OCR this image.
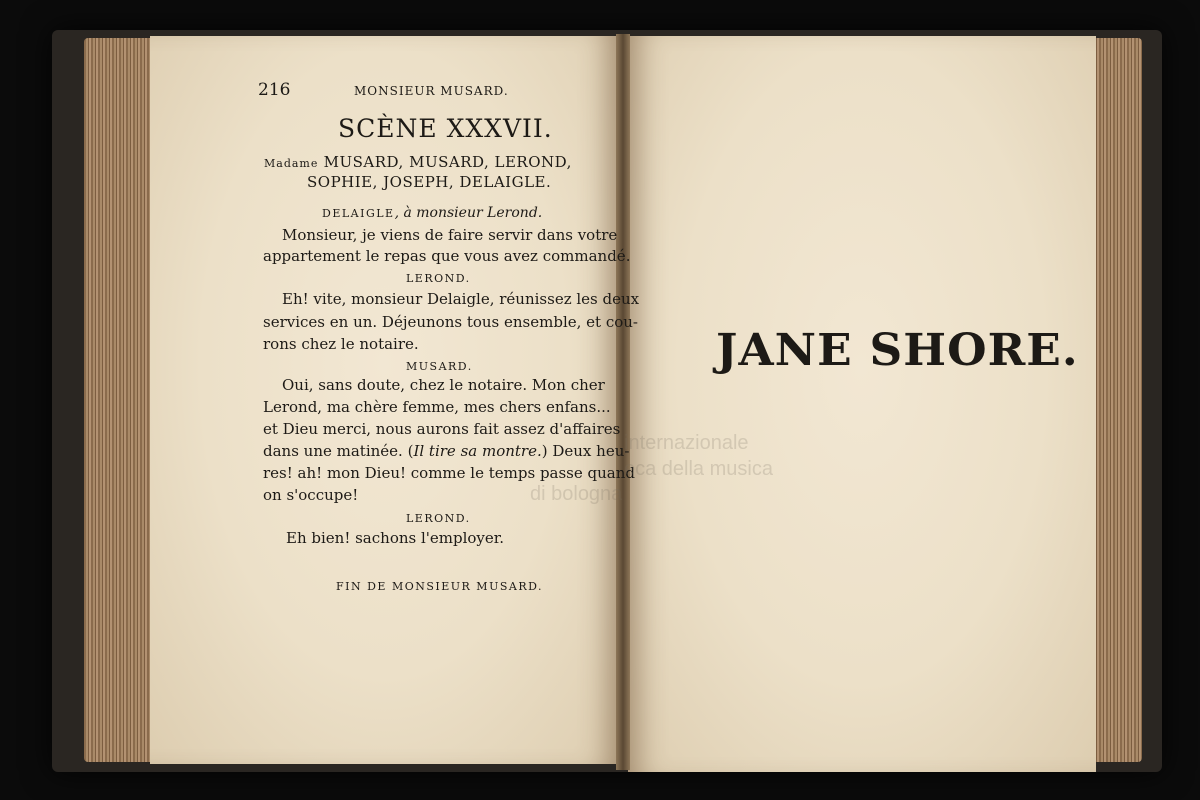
216	MONSIEUR MUSARD.
SCÈNE XXXVII.
Madame MUSARD, MUSARD, LEROND,
SOPHIE, JOSEPH, DELAIGLE.
DELAIGLE, à monsieur Lerond.
Monsieur, je viens de faire servir dans votre
appartement le repas que vous avez commandé.
LEROND.
Eh! vite, monsieur Delaigle, réunissez les deux
services en un. Déjeunons tous ensemble, et cou-
rons chez le notaire.
MUSARD.
Oui, sans doute, chez le notaire. Mon cher
Lerond, ma chère femme, mes chers enfans...
et Dieu merci, nous aurons fait assez d'affaires
dans une matinée. (Il tire sa montre.) Deux heu-
res! ah! mon Dieu! comme le temps passe quand
on s'occupe!
LEROND.
Eh bien! sachons l'employer.
FIN DE MONSIEUR MUSARD.
internazionale
eca della musica
di bologna
JANE SHORE.
